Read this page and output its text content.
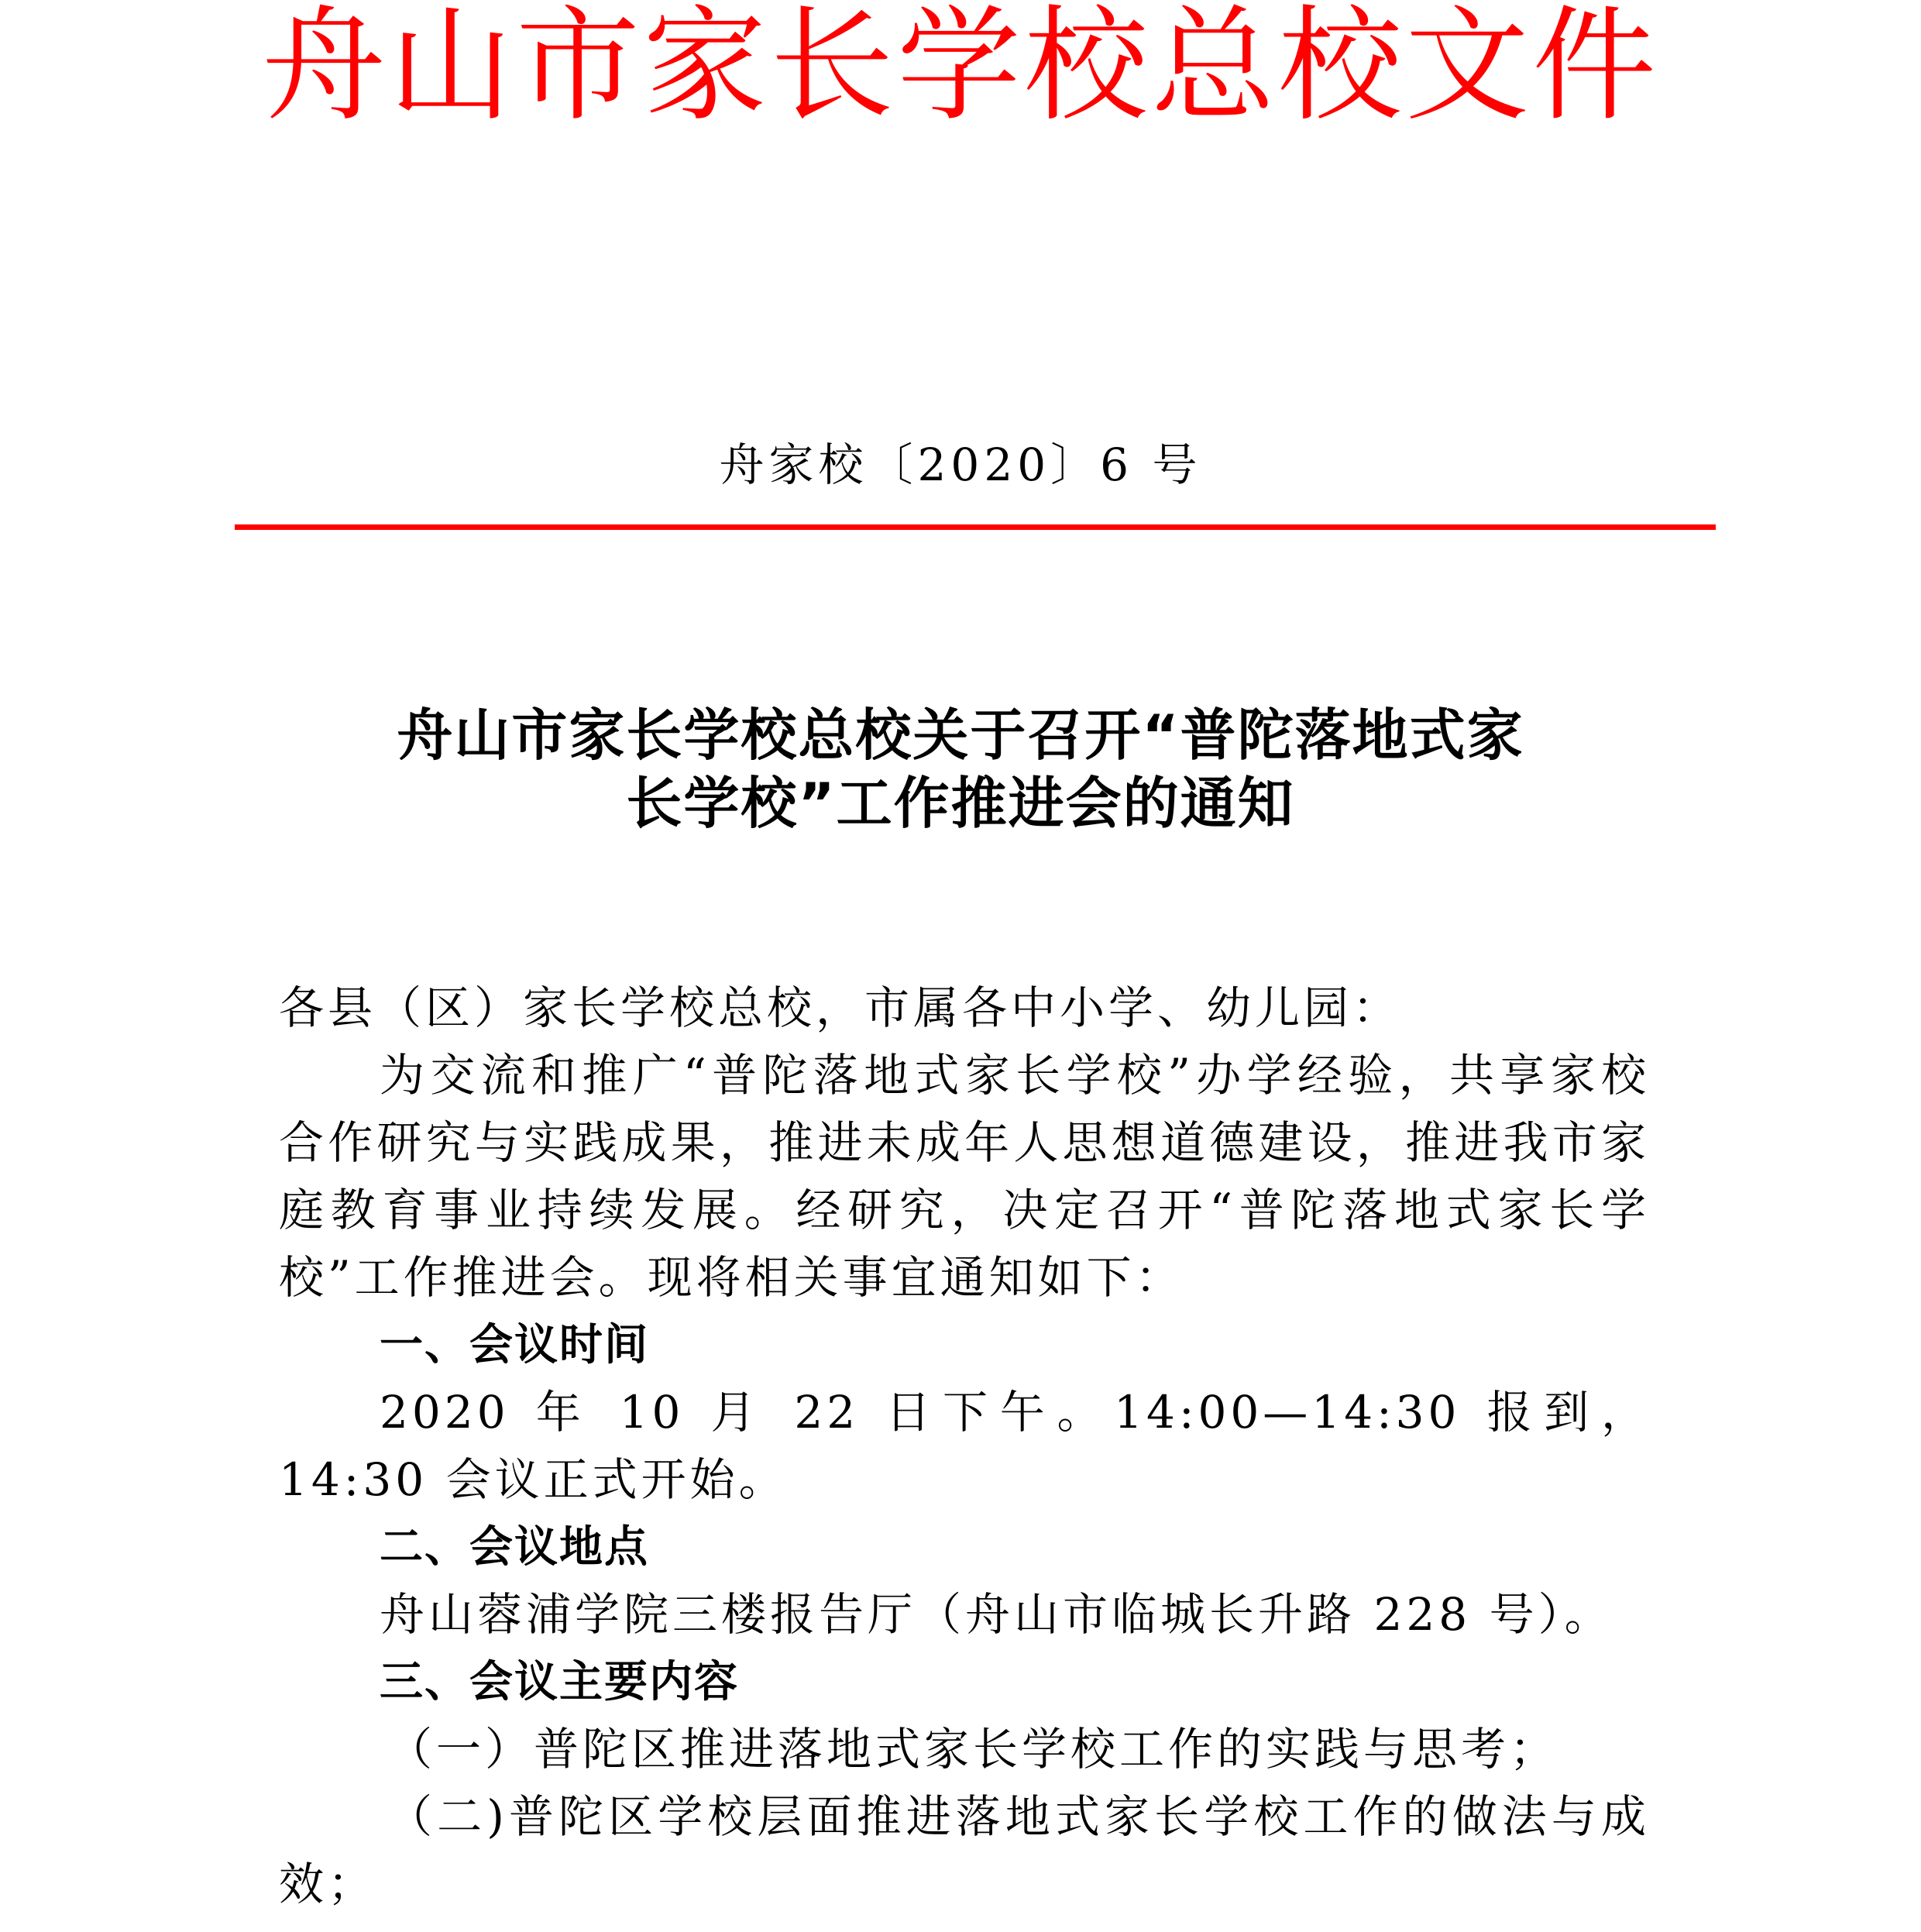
舟山市家长学校总校文件
舟家校〔2020〕6 号
舟山市家长学校总校关于召开“普陀落地式家
长学校”工作推进会的通知

各县（区）家长学校总校，市属各中小学、幼儿园：

为交流和推广“普陀落地式家长学校”办学经验，共享家校合作研究与实践成果，推进未成年人思想道德建设，推进我市家庭教育事业持续发展。经研究，决定召开“普陀落地式家长学校”工作推进会。现将相关事宜通知如下：

一、会议时间

2020 年 10 月 22 日下午。14:00—14:30 报到，14:30 会议正式开始。

二、会议地点

舟山蓉浦学院三楼报告厅（舟山市临城长升路 228 号）。

三、会议主要内容

（一）普陀区推进落地式家长学校工作的实践与思考；

（二)普陀区学校层面推进落地式家长学校工作的做法与成效；
